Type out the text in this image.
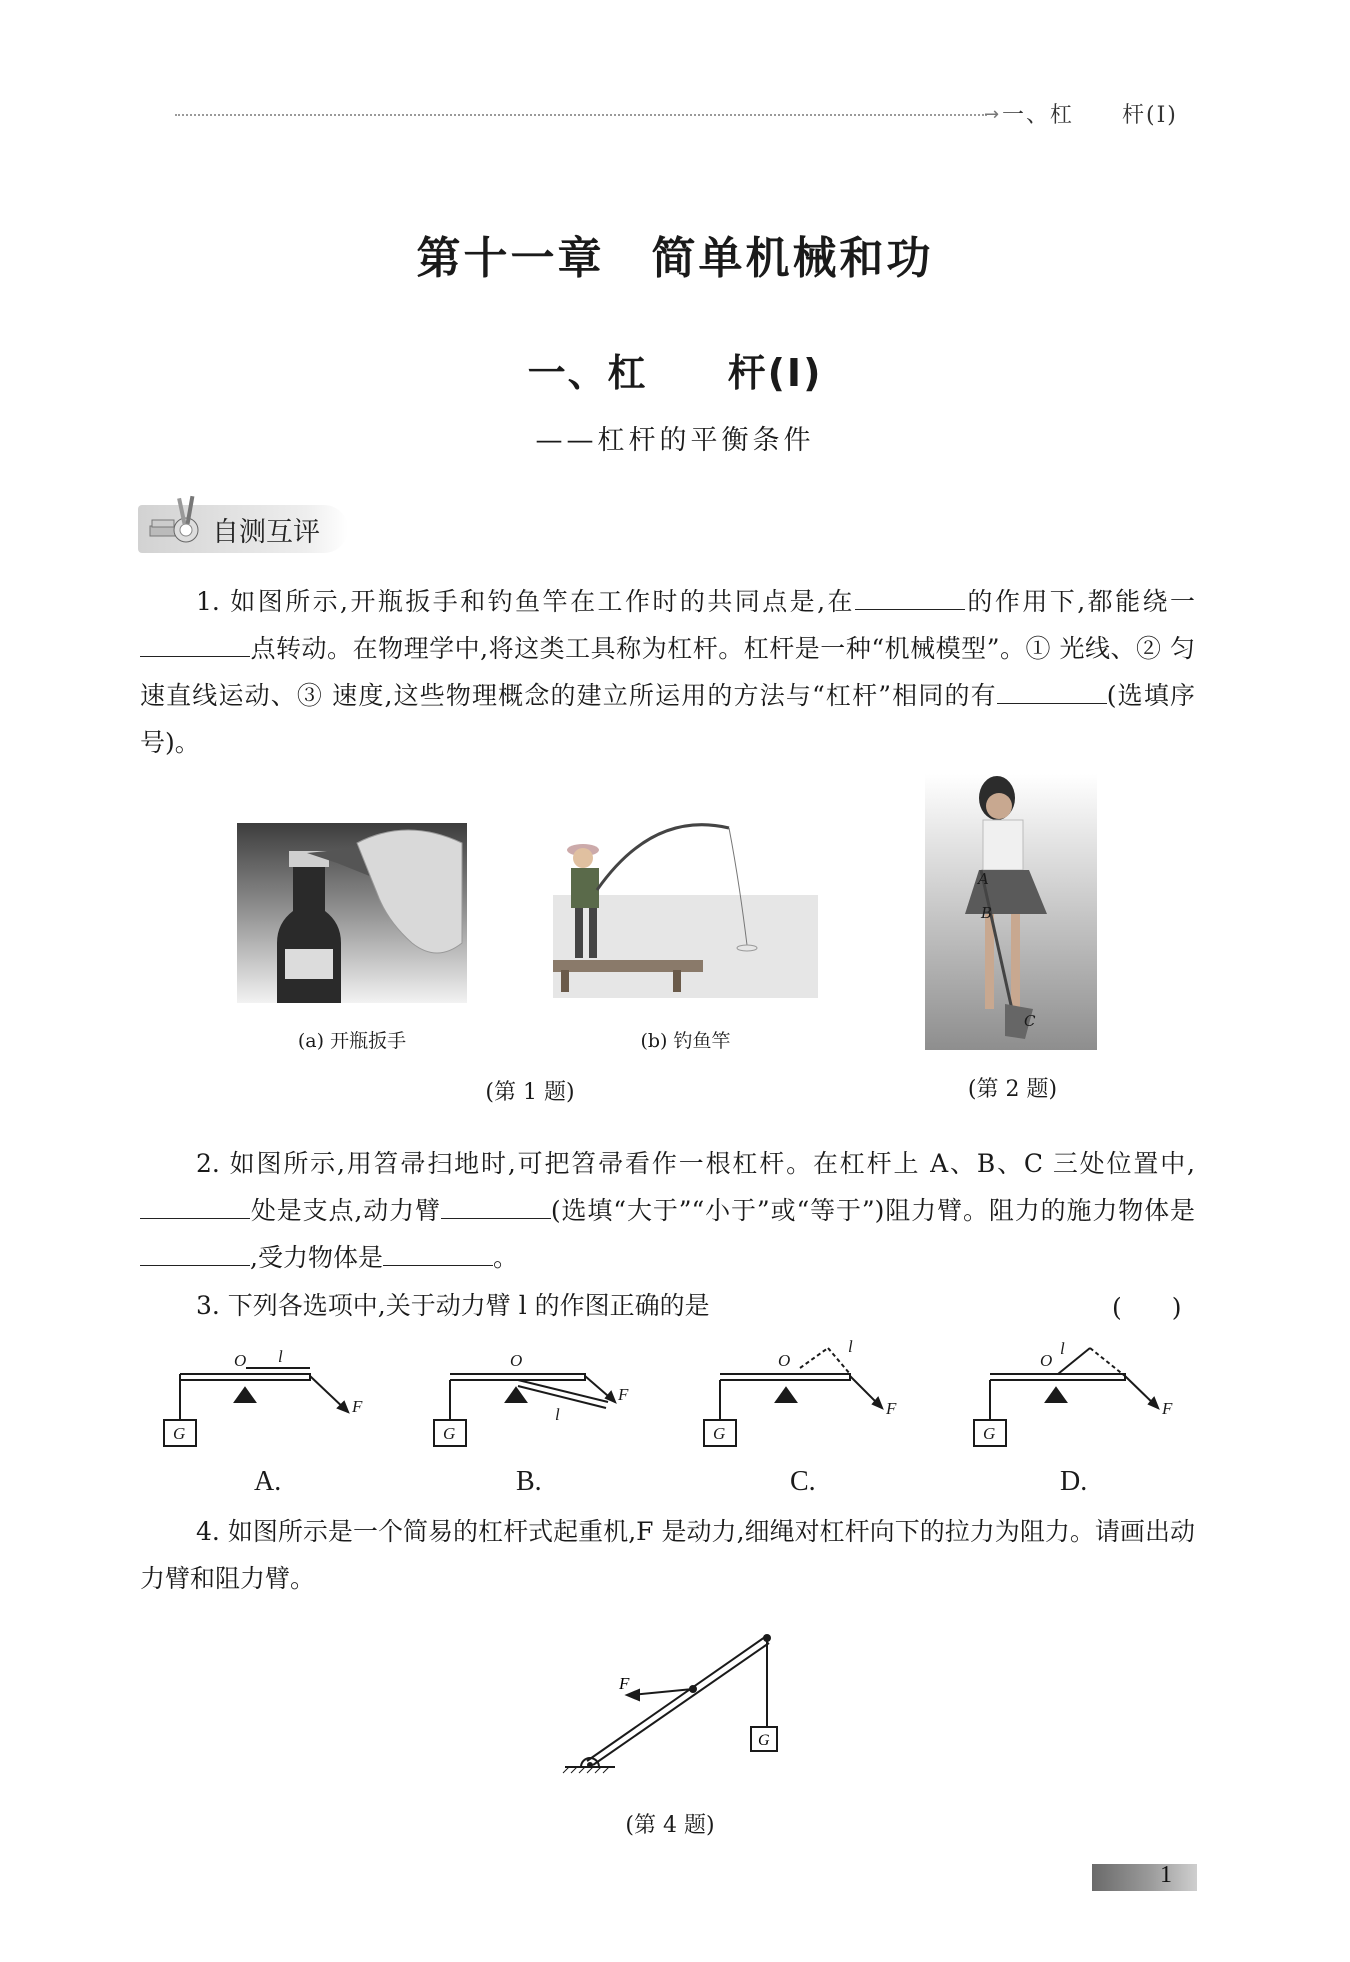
→ 一、杠　　杆(Ⅰ)
第十一章　简单机械和功
一、杠　　杆(Ⅰ)
——杠杆的平衡条件
自测互评
1. 如图所示,开瓶扳手和钓鱼竿在工作时的共同点是,在	的作用下,都能绕一点转动。在物理学中,将这类工具称为杠杆。杠杆是一种“机械模型”。① 光线、② 匀速直线运动、③ 速度,这些物理概念的建立所运用的方法与“杠杆”相同的有	(选填序号)。
(a) 开瓶扳手	(b) 钓鱼竿
(第 1 题)
A
B
C
(第 2 题)
2. 如图所示,用笤帚扫地时,可把笤帚看作一根杠杆。在杠杆上 A、B、C 三处位置中,处是支点,动力臂	(选填“大于”“小于”或“等于”)阻力臂。阻力的施力物体是,受力物体是	。
3. 下列各选项中,关于动力臂 l 的作图正确的是	(　　)
O l
F
G
O
l
F
G
O
l
F
G
O
l
F
G
A.	B.	C.	D.
4. 如图所示是一个简易的杠杆式起重机,F 是动力,细绳对杠杆向下的拉力为阻力。请画出动力臂和阻力臂。
F
G
(第 4 题)
1
